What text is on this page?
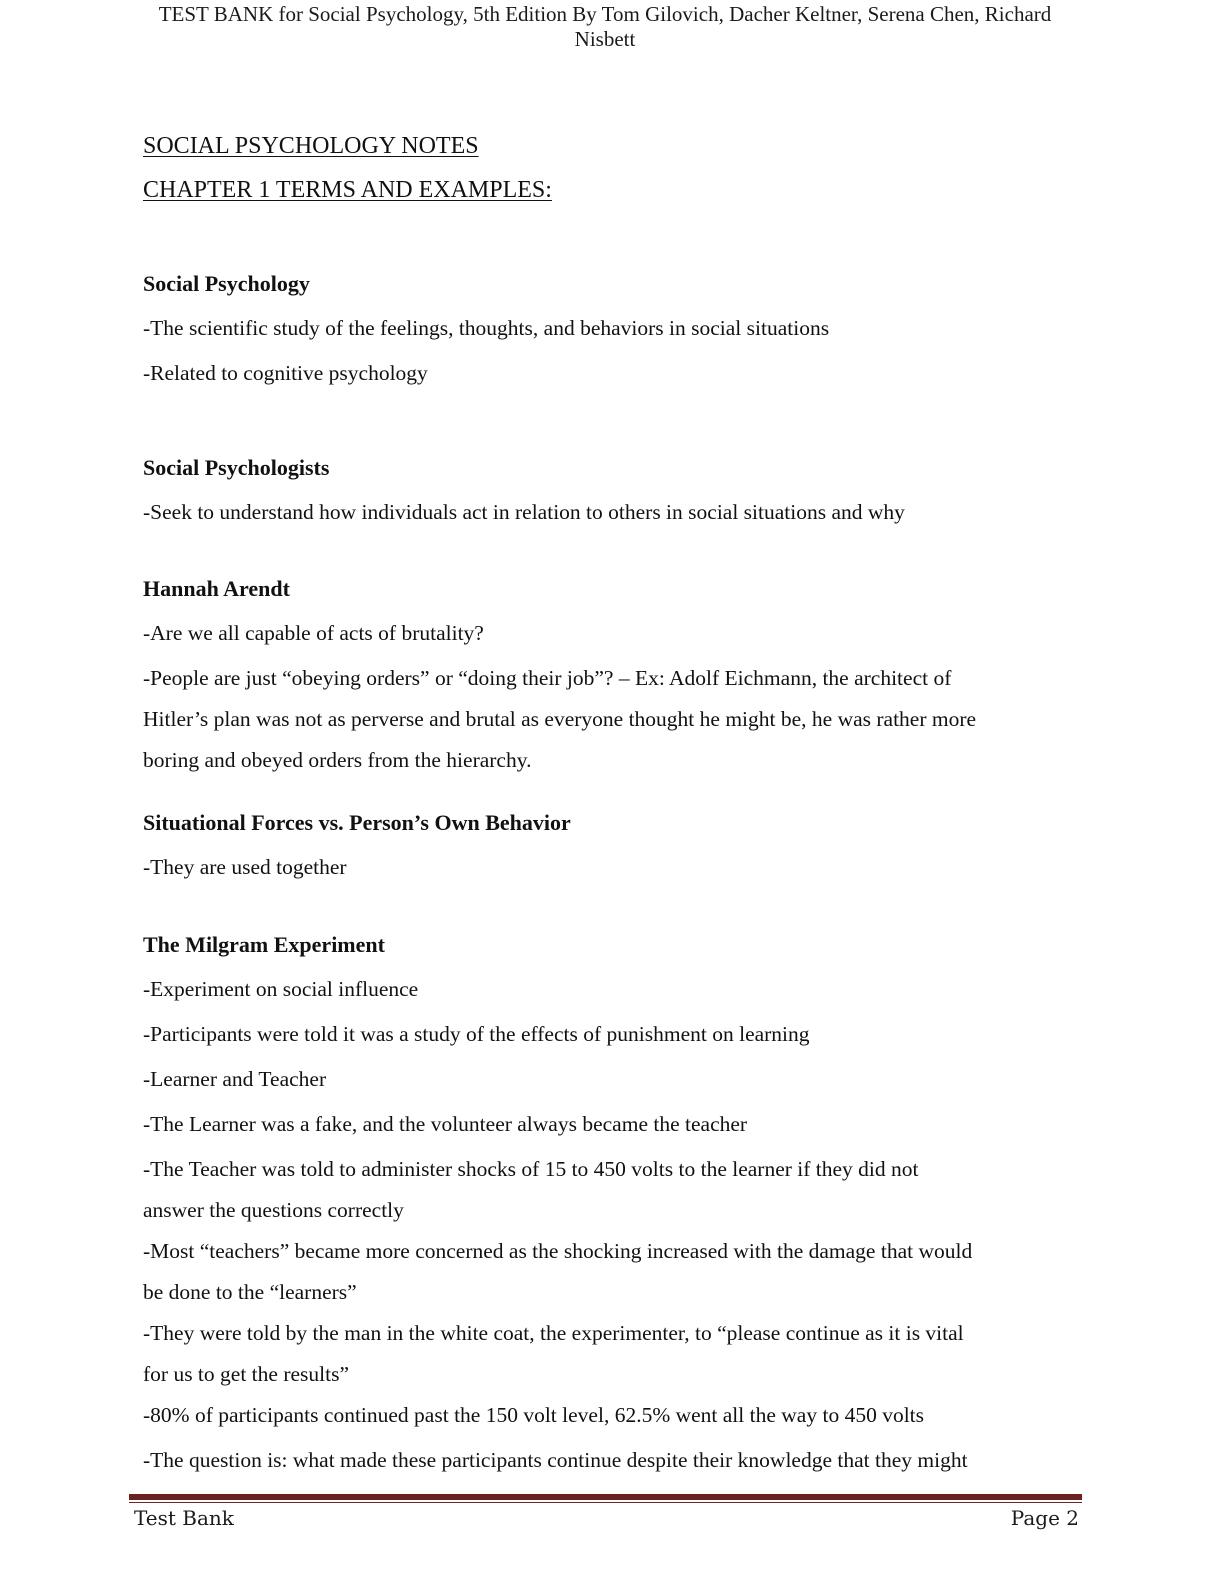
TEST BANK for Social Psychology, 5th Edition By Tom Gilovich, Dacher Keltner, Serena Chen, Richard
Nisbett
SOCIAL PSYCHOLOGY NOTES
CHAPTER 1 TERMS AND EXAMPLES:
Social Psychology
-The scientific study of the feelings, thoughts, and behaviors in social situations
-Related to cognitive psychology
Social Psychologists
-Seek to understand how individuals act in relation to others in social situations and why
Hannah Arendt
-Are we all capable of acts of brutality?
-People are just “obeying orders” or “doing their job”? – Ex: Adolf Eichmann, the architect of
Hitler’s plan was not as perverse and brutal as everyone thought he might be, he was rather more
boring and obeyed orders from the hierarchy.
Situational Forces vs. Person’s Own Behavior
-They are used together
The Milgram Experiment
-Experiment on social influence
-Participants were told it was a study of the effects of punishment on learning
-Learner and Teacher
-The Learner was a fake, and the volunteer always became the teacher
-The Teacher was told to administer shocks of 15 to 450 volts to the learner if they did not
answer the questions correctly
-Most “teachers” became more concerned as the shocking increased with the damage that would
be done to the “learners”
-They were told by the man in the white coat, the experimenter, to “please continue as it is vital
for us to get the results”
-80% of participants continued past the 150 volt level, 62.5% went all the way to 450 volts
-The question is: what made these participants continue despite their knowledge that they might
Test Bank	Page 2
